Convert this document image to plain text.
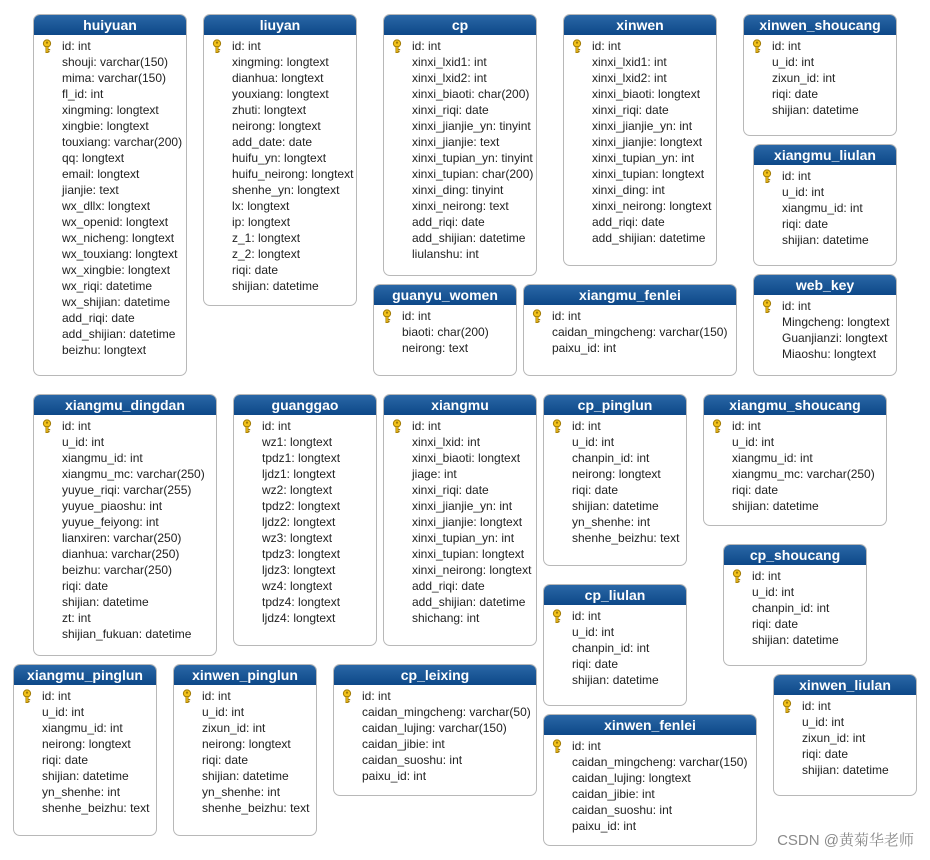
huiyuan
id: int
shouji: varchar(150)
mima: varchar(150)
fl_id: int
xingming: longtext
xingbie: longtext
touxiang: varchar(200)
qq: longtext
email: longtext
jianjie: text
wx_dllx: longtext
wx_openid: longtext
wx_nicheng: longtext
wx_touxiang: longtext
wx_xingbie: longtext
wx_riqi: datetime
wx_shijian: datetime
add_riqi: date
add_shijian: datetime
beizhu: longtext
liuyan
id: int
xingming: longtext
dianhua: longtext
youxiang: longtext
zhuti: longtext
neirong: longtext
add_date: date
huifu_yn: longtext
huifu_neirong: longtext
shenhe_yn: longtext
lx: longtext
ip: longtext
z_1: longtext
z_2: longtext
riqi: date
shijian: datetime
cp
id: int
xinxi_lxid1: int
xinxi_lxid2: int
xinxi_biaoti: char(200)
xinxi_riqi: date
xinxi_jianjie_yn: tinyint
xinxi_jianjie: text
xinxi_tupian_yn: tinyint
xinxi_tupian: char(200)
xinxi_ding: tinyint
xinxi_neirong: text
add_riqi: date
add_shijian: datetime
liulanshu: int
xinwen
id: int
xinxi_lxid1: int
xinxi_lxid2: int
xinxi_biaoti: longtext
xinxi_riqi: date
xinxi_jianjie_yn: int
xinxi_jianjie: longtext
xinxi_tupian_yn: int
xinxi_tupian: longtext
xinxi_ding: int
xinxi_neirong: longtext
add_riqi: date
add_shijian: datetime
xinwen_shoucang
id: int
u_id: int
zixun_id: int
riqi: date
shijian: datetime
xiangmu_liulan
id: int
u_id: int
xiangmu_id: int
riqi: date
shijian: datetime
web_key
id: int
Mingcheng: longtext
Guanjianzi: longtext
Miaoshu: longtext
guanyu_women
id: int
biaoti: char(200)
neirong: text
xiangmu_fenlei
id: int
caidan_mingcheng: varchar(150)
paixu_id: int
xiangmu_dingdan
id: int
u_id: int
xiangmu_id: int
xiangmu_mc: varchar(250)
yuyue_riqi: varchar(255)
yuyue_piaoshu: int
yuyue_feiyong: int
lianxiren: varchar(250)
dianhua: varchar(250)
beizhu: varchar(250)
riqi: date
shijian: datetime
zt: int
shijian_fukuan: datetime
guanggao
id: int
wz1: longtext
tpdz1: longtext
ljdz1: longtext
wz2: longtext
tpdz2: longtext
ljdz2: longtext
wz3: longtext
tpdz3: longtext
ljdz3: longtext
wz4: longtext
tpdz4: longtext
ljdz4: longtext
xiangmu
id: int
xinxi_lxid: int
xinxi_biaoti: longtext
jiage: int
xinxi_riqi: date
xinxi_jianjie_yn: int
xinxi_jianjie: longtext
xinxi_tupian_yn: int
xinxi_tupian: longtext
xinxi_neirong: longtext
add_riqi: date
add_shijian: datetime
shichang: int
cp_pinglun
id: int
u_id: int
chanpin_id: int
neirong: longtext
riqi: date
shijian: datetime
yn_shenhe: int
shenhe_beizhu: text
xiangmu_shoucang
id: int
u_id: int
xiangmu_id: int
xiangmu_mc: varchar(250)
riqi: date
shijian: datetime
cp_shoucang
id: int
u_id: int
chanpin_id: int
riqi: date
shijian: datetime
cp_liulan
id: int
u_id: int
chanpin_id: int
riqi: date
shijian: datetime
xiangmu_pinglun
id: int
u_id: int
xiangmu_id: int
neirong: longtext
riqi: date
shijian: datetime
yn_shenhe: int
shenhe_beizhu: text
xinwen_pinglun
id: int
u_id: int
zixun_id: int
neirong: longtext
riqi: date
shijian: datetime
yn_shenhe: int
shenhe_beizhu: text
cp_leixing
id: int
caidan_mingcheng: varchar(50)
caidan_lujing: varchar(150)
caidan_jibie: int
caidan_suoshu: int
paixu_id: int
xinwen_liulan
id: int
u_id: int
zixun_id: int
riqi: date
shijian: datetime
xinwen_fenlei
id: int
caidan_mingcheng: varchar(150)
caidan_lujing: longtext
caidan_jibie: int
caidan_suoshu: int
paixu_id: int
CSDN @黄菊华老师
